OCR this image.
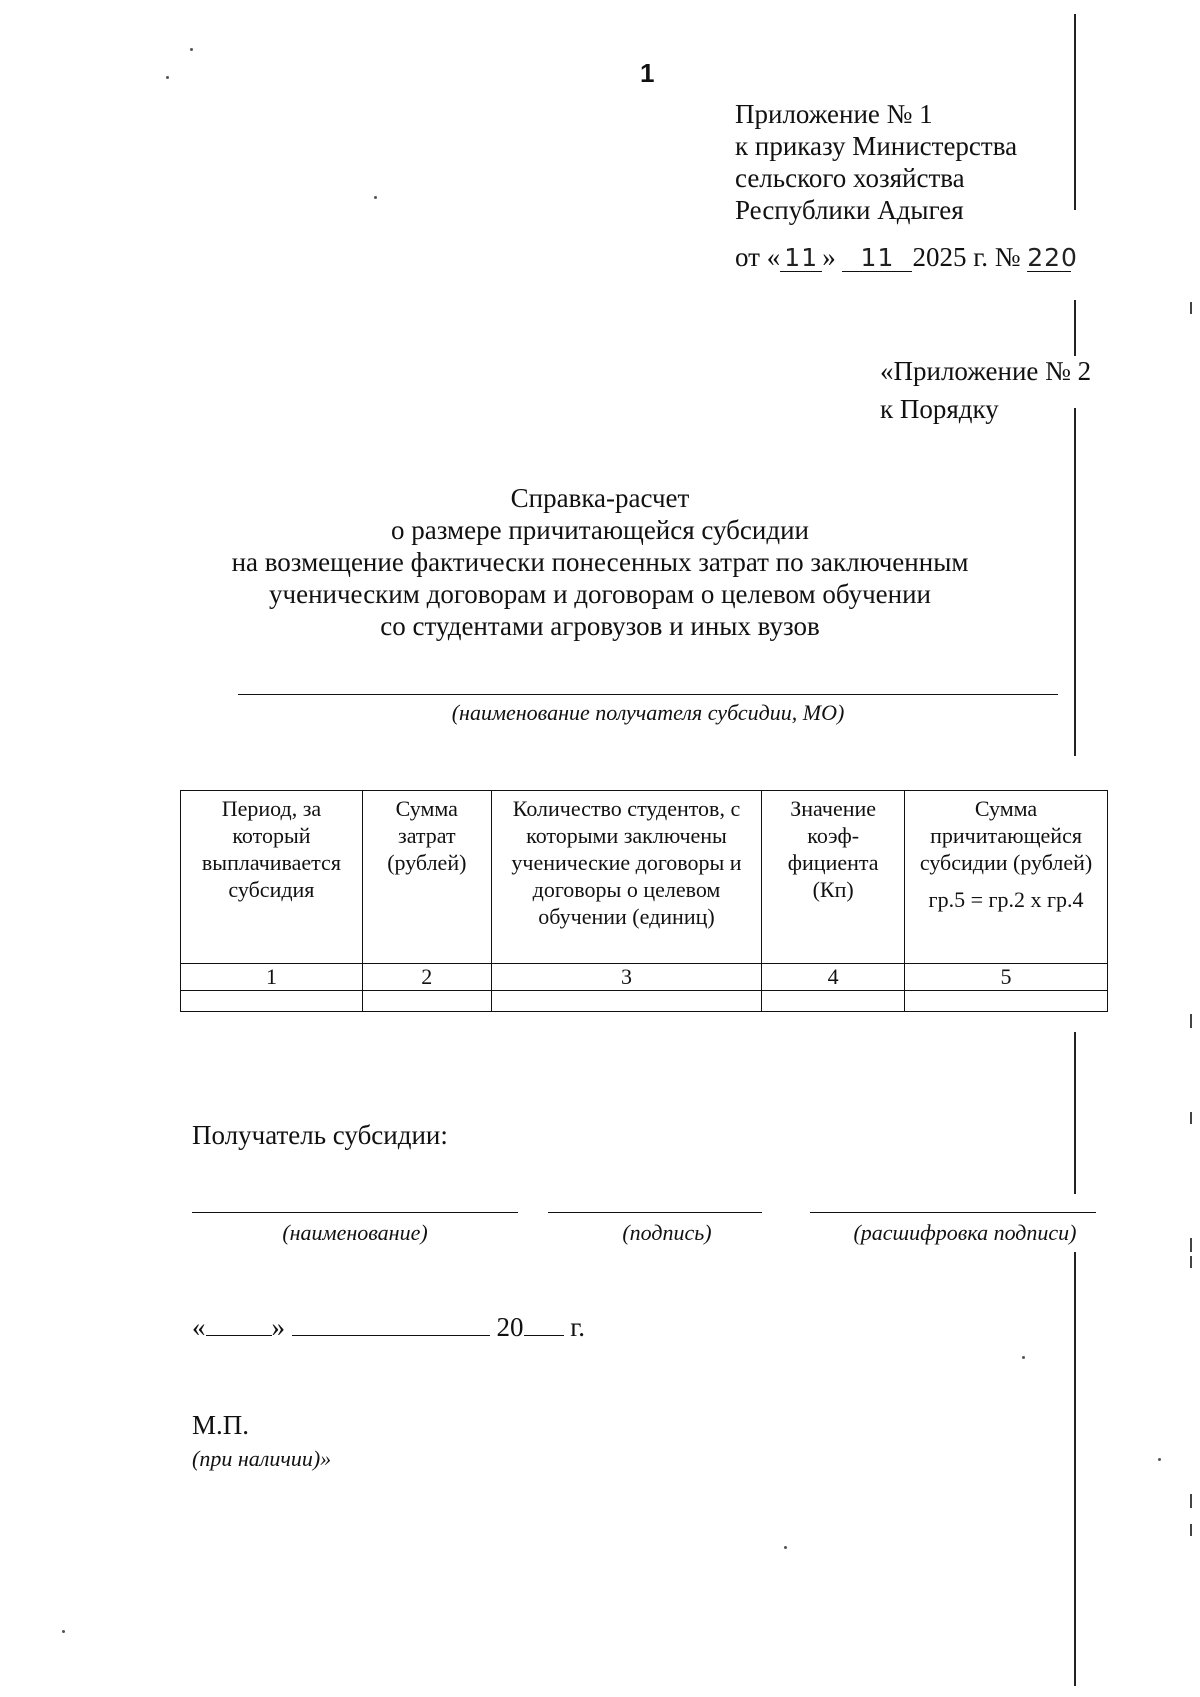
1
Приложение № 1
к приказу Министерства
сельского хозяйства
Республики Адыгея
от « 11 » 11 2025 г. № 220
«Приложение № 2
к Порядку
Справка-расчет
о размере причитающейся субсидии
на возмещение фактически понесенных затрат по заключенным
ученическим договорам и договорам о целевом обучении
со студентами агровузов и иных вузов
(наименование получателя субсидии, МО)
Период, за который выплачивается субсидия	Сумма затрат (рублей)	Количество студентов, с которыми заключены ученические договоры и договоры о целевом обучении (единиц)	Значение коэф-фициента (Кп)	Сумма причитающейся субсидии (рублей)
гр.5 = гр.2 х гр.4

1	2	3	4	5

Получатель субсидии:
(наименование)	(подпись)	(расшифровка подписи)
« »	20 г.
М.П.
(при наличии)»
